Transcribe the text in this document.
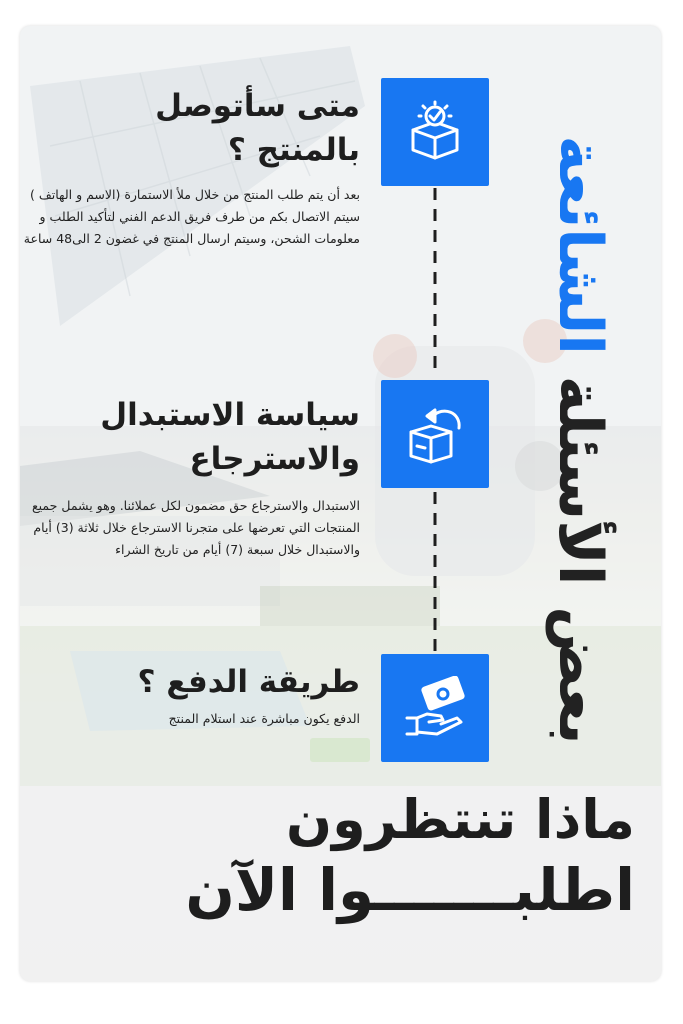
بعض الأسئلة الشائعة
متى سأتوصل
بالمنتج ؟
بعد أن يتم طلب المنتج من خلال ملأ الاستمارة (الاسم و الهاتف ) سيتم الاتصال بكم من طرف فريق الدعم الفني لتأكيد الطلب و معلومات الشحن، وسيتم ارسال المنتج في غضون 2 الى48 ساعة
سياسة الاستبدال
والاسترجاع
الاستبدال والاسترجاع حق مضمون لكل عملائنا. وهو يشمل جميع المنتجات التي تعرضها على متجرنا الاسترجاع خلال ثلاثة (3) أيام والاستبدال خلال سبعة (7) أيام من تاريخ الشراء
طريقة الدفع ؟
الدفع يكون مباشرة عند استلام المنتج
ماذا تنتظرون
اطلبـــــــوا الآن
